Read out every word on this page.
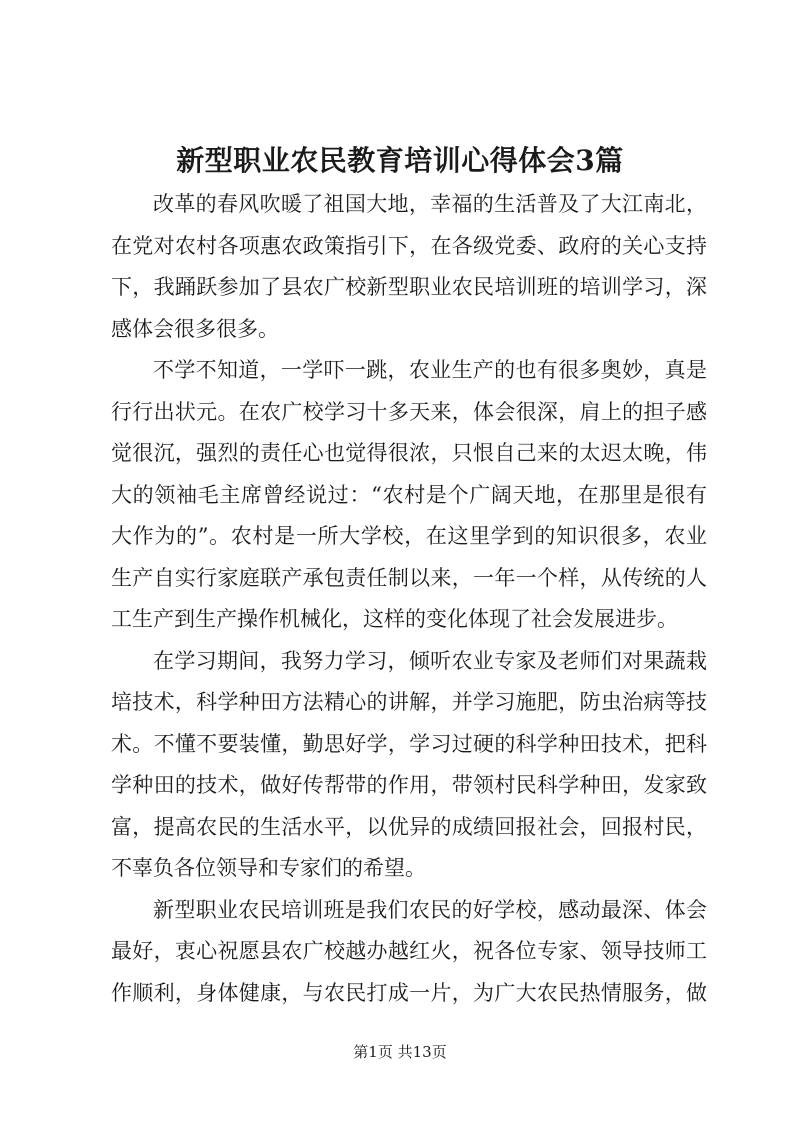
新型职业农民教育培训心得体会3篇
改革的春风吹暖了祖国大地，幸福的生活普及了大江南北，
在党对农村各项惠农政策指引下，在各级党委、政府的关心支持
下，我踊跃参加了县农广校新型职业农民培训班的培训学习，深
感体会很多很多。
不学不知道，一学吓一跳，农业生产的也有很多奥妙，真是
行行出状元。在农广校学习十多天来，体会很深，肩上的担子感
觉很沉，强烈的责任心也觉得很浓，只恨自己来的太迟太晚，伟
大的领袖毛主席曾经说过：“农村是个广阔天地，在那里是很有
大作为的”。农村是一所大学校，在这里学到的知识很多，农业
生产自实行家庭联产承包责任制以来，一年一个样，从传统的人
工生产到生产操作机械化，这样的变化体现了社会发展进步。
在学习期间，我努力学习，倾听农业专家及老师们对果蔬栽
培技术，科学种田方法精心的讲解，并学习施肥，防虫治病等技
术。不懂不要装懂，勤思好学，学习过硬的科学种田技术，把科
学种田的技术，做好传帮带的作用，带领村民科学种田，发家致
富，提高农民的生活水平，以优异的成绩回报社会，回报村民，
不辜负各位领导和专家们的希望。
新型职业农民培训班是我们农民的好学校，感动最深、体会
最好，衷心祝愿县农广校越办越红火，祝各位专家、领导技师工
作顺利，身体健康，与农民打成一片，为广大农民热情服务，做
第1页 共13页
